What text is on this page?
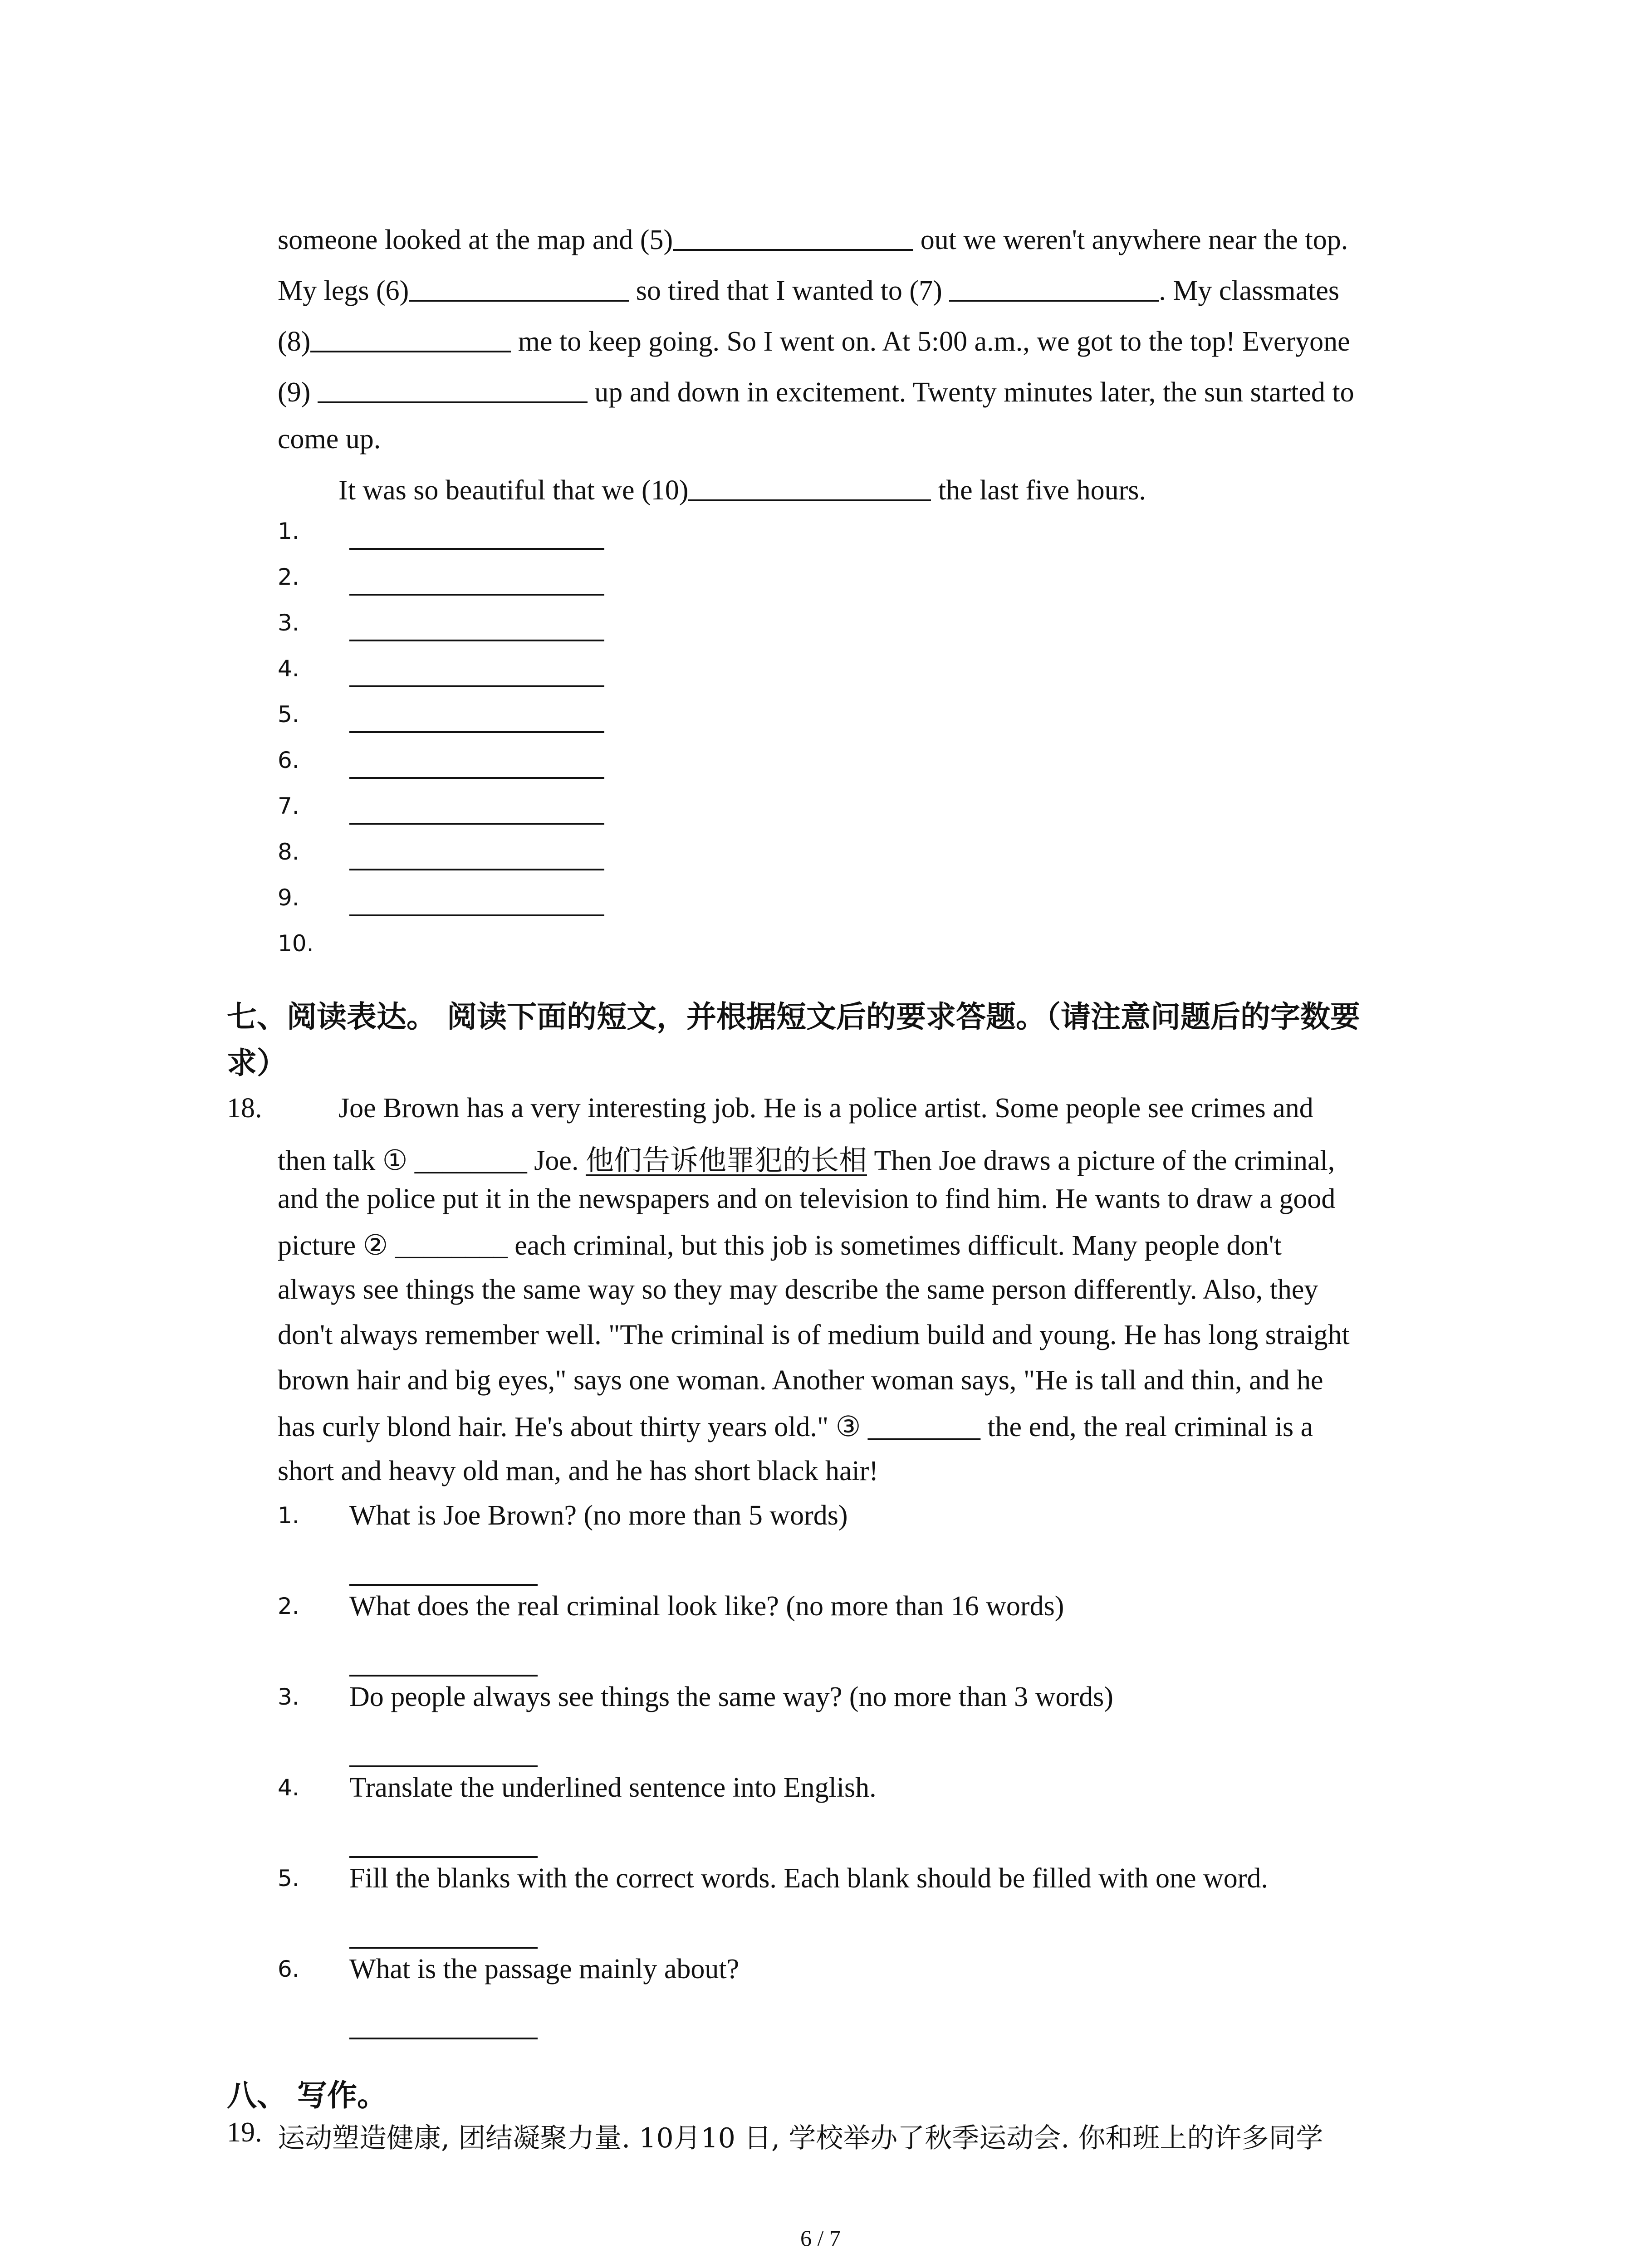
someone looked at the map and (5)	out we weren't anywhere near the top.
My legs (6)	so tired that I wanted to (7)	. My classmates
(8)	me to keep going. So I went on. At 5:00 a.m., we got to the top! Everyone
(9)	up and down in excitement. Twenty minutes later, the sun started to
come up.
It was so beautiful that we (10)	the last five hours.
1.
2.
3.
4.
5.
6.
7.
8.
9.
10.
七、阅读表达。 阅读下面的短文，并根据短文后的要求答题。（请注意问题后的字数要
求）
18.	Joe Brown has a very interesting job. He is a police artist. Some people see crimes and
then talk ① ________ Joe. 他们告诉他罪犯的长相 Then Joe draws a picture of the criminal,
and the police put it in the newspapers and on television to find him. He wants to draw a good
picture ② ________ each criminal, but this job is sometimes difficult. Many people don't
always see things the same way so they may describe the same person differently. Also, they
don't always remember well. "The criminal is of medium build and young. He has long straight
brown hair and big eyes," says one woman. Another woman says, "He is tall and thin, and he
has curly blond hair. He's about thirty years old." ③ ________ the end, the real criminal is a
short and heavy old man, and he has short black hair!
1. What is Joe Brown? (no more than 5 words)
2. What does the real criminal look like? (no more than 16 words)
3. Do people always see things the same way? (no more than 3 words)
4. Translate the underlined sentence into English.
5. Fill the blanks with the correct words. Each blank should be filled with one word.
6. What is the passage mainly about?
八、 写作。
19. 运动塑造健康, 团结凝聚力量. 10月10 日, 学校举办了秋季运动会. 你和班上的许多同学
6 / 7
